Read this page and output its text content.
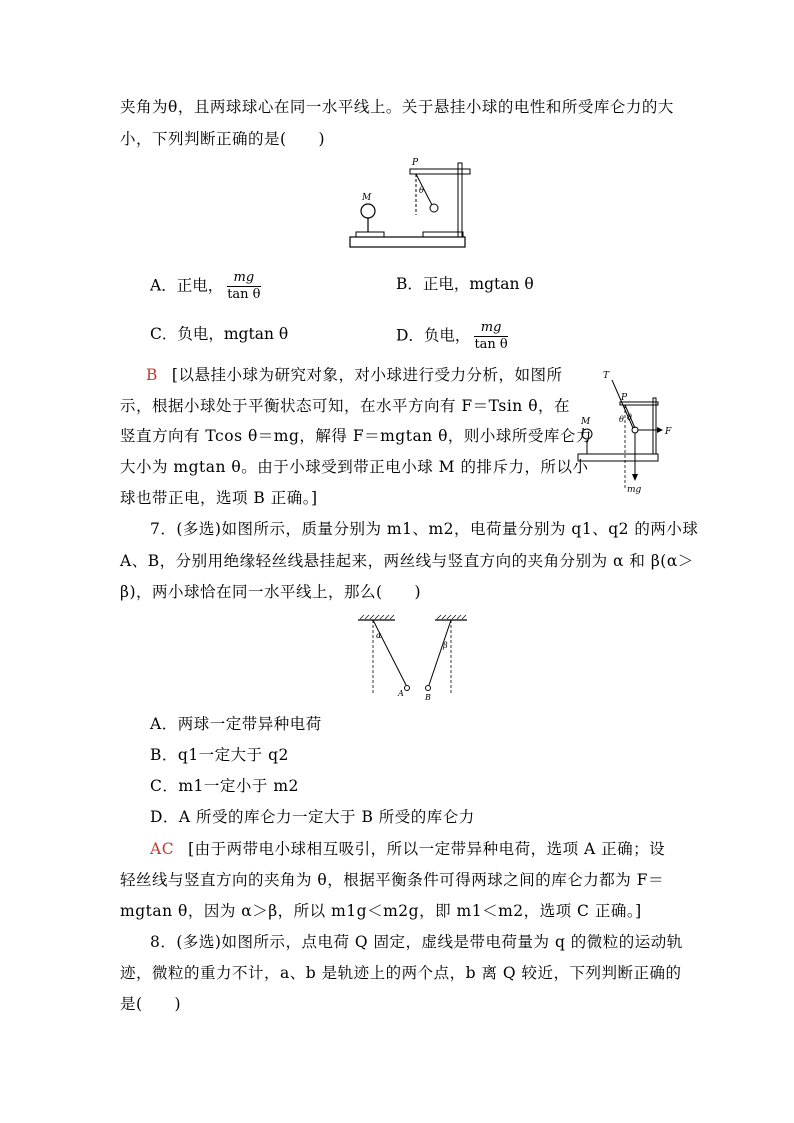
夹角为θ，且两球球心在同一水平线上。关于悬挂小球的电性和所受库仑力的大
小，下列判断正确的是(　　)
P
M
θ
A．正电， $\frac{mg}{\text{tan θ}}$	B．正电，mgtan θ
C．负电，mgtan θ	D．负电， $\frac{mg}{\text{tan θ}}$
B [以悬挂小球为研究对象，对小球进行受力分析，如图所
示，根据小球处于平衡状态可知，在水平方向有 F＝Tsin θ，在
竖直方向有 Tcos θ＝mg，解得 F＝mgtan θ，则小球所受库仑力
大小为 mgtan θ。由于小球受到带正电小球 M 的排斥力，所以小
球也带正电，选项 B 正确。]
T
P
M	θ θ
F
mg
7．(多选)如图所示，质量分别为 m1、m2，电荷量分别为 q1、q2 的两小球
A、B，分别用绝缘轻丝线悬挂起来，两丝线与竖直方向的夹角分别为 α 和 β(α＞
β)，两小球恰在同一水平线上，那么(　　)
α
β
A	B
A．两球一定带异种电荷
B．q1一定大于 q2
C．m1一定小于 m2
D．A 所受的库仑力一定大于 B 所受的库仑力
AC [由于两带电小球相互吸引，所以一定带异种电荷，选项 A 正确；设
轻丝线与竖直方向的夹角为 θ，根据平衡条件可得两球之间的库仑力都为 F＝
mgtan θ，因为 α＞β，所以 m1g＜m2g，即 m1＜m2，选项 C 正确。]
8．(多选)如图所示，点电荷 Q 固定，虚线是带电荷量为 q 的微粒的运动轨
迹，微粒的重力不计，a、b 是轨迹上的两个点，b 离 Q 较近，下列判断正确的
是(　　)
